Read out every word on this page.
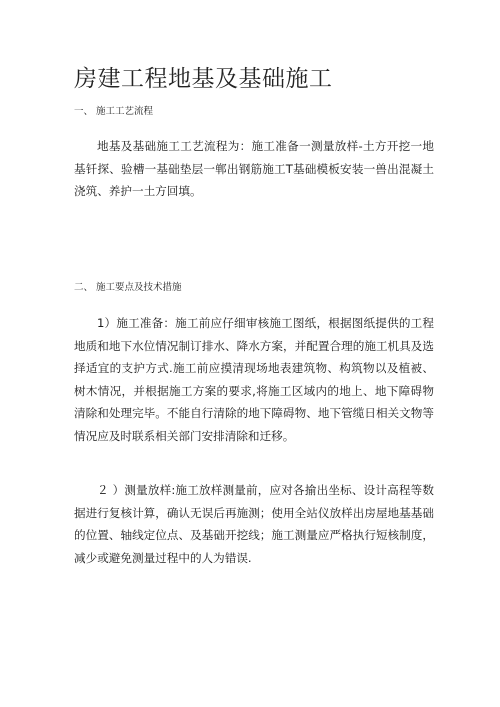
房建工程地基及基础施工
一、 施工工艺流程

地基及基础施工工艺流程为：施工准备一测量放样-土方开挖一地基钎探、验槽一基础垫层一郸出钢筋施工T基础模板安装一兽出混凝土浇筑、养护一土方回填。

二、 施工要点及技术措施

1）施工准备：施工前应仔细审核施工图纸，根据图纸提供的工程地质和地下水位情况制订排水、降水方案，并配置合理的施工机具及选择适宜的支护方式.施工前应摸清现场地表建筑物、构筑物以及植被、树木情况，并根据施工方案的要求,将施工区域内的地上、地下障碍物清除和处理完毕。不能自行清除的地下障碍物、地下管缆日相关文物等情况应及时联系相关部门安排清除和迁移。

２ ）测量放样:施工放样测量前，应对各揄出坐标、设计高程等数据进行复核计算，确认无误后再施测；使用全站仪放样出房屋地基基础的位置、轴线定位点、及基础开挖线；施工测量应严格执行短核制度，减少或避免测量过程中的人为错误.
